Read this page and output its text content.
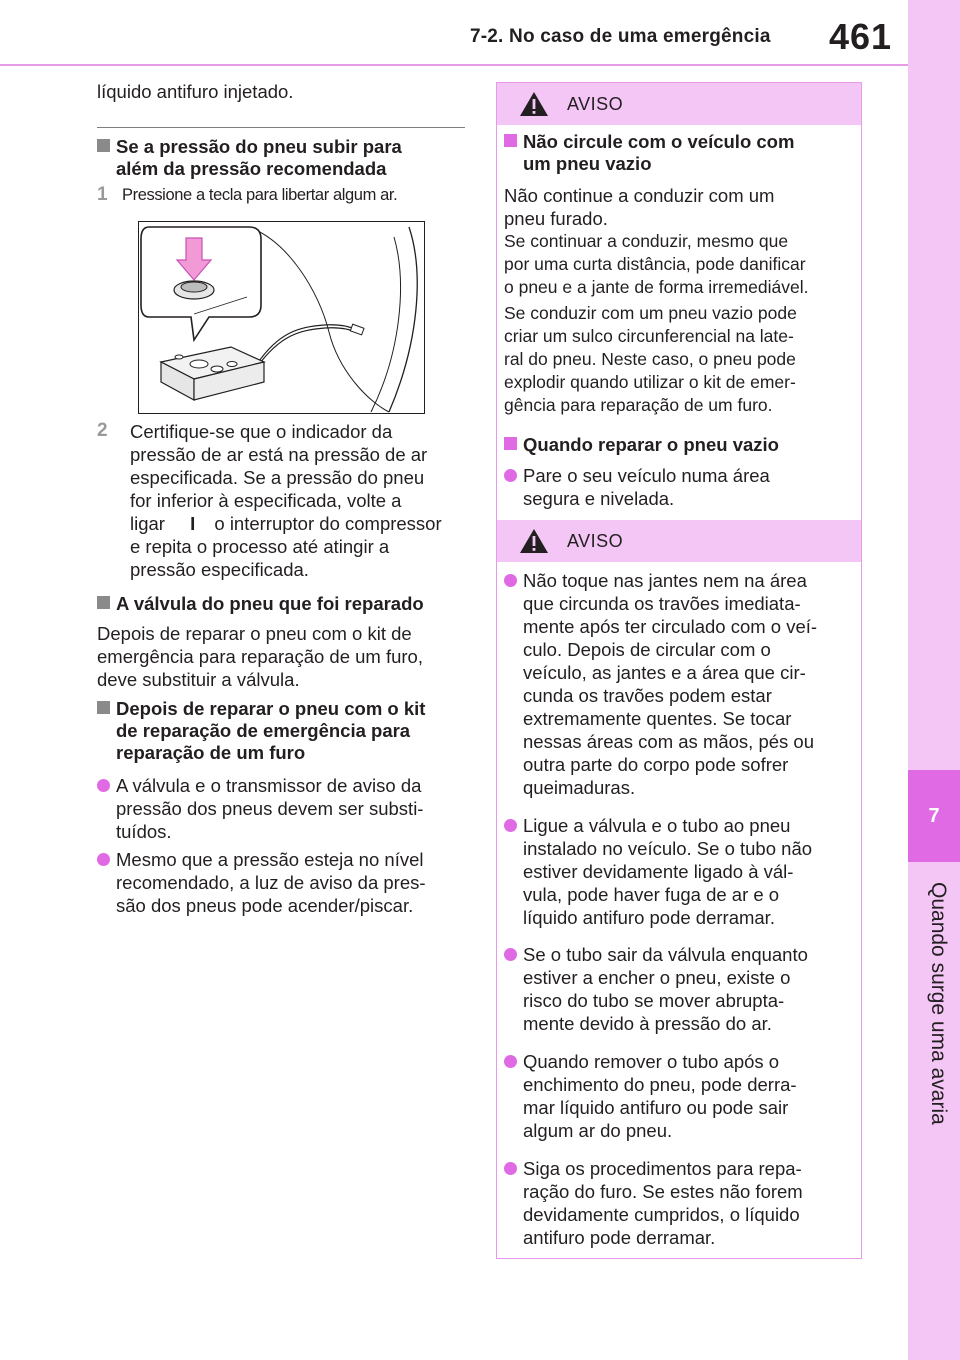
7-2. No caso de uma emergência 461
7
Quando surge uma avaria

líquido antifuro injetado.

Se a pressão do pneu subir para
além da pressão recomendada
1 Pressione a tecla para libertar algum ar.
2 Certifique-se que o indicador da
pressão de ar está na pressão de ar
especificada. Se a pressão do pneu
for inferior à especificada, volte a
ligar I o interruptor do compressor
e repita o processo até atingir a
pressão especificada.
A válvula do pneu que foi reparado
Depois de reparar o pneu com o kit de
emergência para reparação de um furo,
deve substituir a válvula.
Depois de reparar o pneu com o kit
de reparação de emergência para
reparação de um furo
A válvula e o transmissor de aviso da
pressão dos pneus devem ser substi-
tuídos.
Mesmo que a pressão esteja no nível
recomendado, a luz de aviso da pres-
são dos pneus pode acender/piscar.
AVISO
Não circule com o veículo com
um pneu vazio
Não continue a conduzir com um
pneu furado.
Se continuar a conduzir, mesmo que
por uma curta distância, pode danificar
o pneu e a jante de forma irremediável.
Se conduzir com um pneu vazio pode
criar um sulco circunferencial na late-
ral do pneu. Neste caso, o pneu pode
explodir quando utilizar o kit de emer-
gência para reparação de um furo.
Quando reparar o pneu vazio
Pare o seu veículo numa área
segura e nivelada.
AVISO
Não toque nas jantes nem na área
que circunda os travões imediata-
mente após ter circulado com o veí-
culo. Depois de circular com o
veículo, as jantes e a área que cir-
cunda os travões podem estar
extremamente quentes. Se tocar
nessas áreas com as mãos, pés ou
outra parte do corpo pode sofrer
queimaduras.
Ligue a válvula e o tubo ao pneu
instalado no veículo. Se o tubo não
estiver devidamente ligado à vál-
vula, pode haver fuga de ar e o
líquido antifuro pode derramar.
Se o tubo sair da válvula enquanto
estiver a encher o pneu, existe o
risco do tubo se mover abrupta-
mente devido à pressão do ar.
Quando remover o tubo após o
enchimento do pneu, pode derra-
mar líquido antifuro ou pode sair
algum ar do pneu.
Siga os procedimentos para repa-
ração do furo. Se estes não forem
devidamente cumpridos, o líquido
antifuro pode derramar.
